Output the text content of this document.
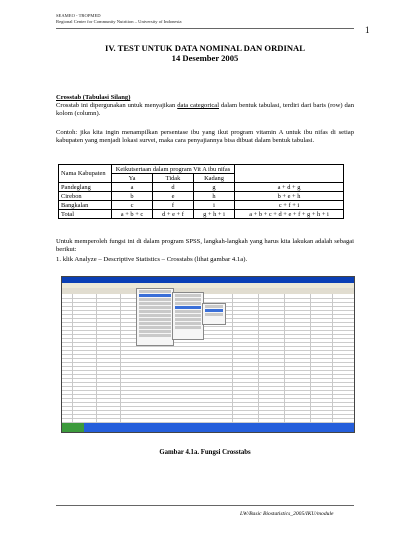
SEAMEO - TROPMED
Regional Center for Community Nutrition – University of Indonesia
1
IV. TEST UNTUK DATA NOMINAL DAN ORDINAL
14 Desember 2005
Crosstab (Tabulasi Silang)
Crosstab ini dipergunakan untuk menyajikan data categorical dalam bentuk tabulasi, terdiri dari baris (row) dan kolom (column).
Contoh: jika kita ingin menampilkan persentase ibu yang ikut program vitamin A untuk ibu nifas di setiap kabupaten yang menjadi lokasi survei, maka cara penyajiannya bisa dibuat dalam bentuk tabulasi.
Nama Kabupaten	Keikutsertaan dalam program Vit A ibu nifas			
	Ya	Tidak	Kadang	
Pandeglang	a	d	g	a + d + g
Cirebon	b	e	h	b + e + h
Bangkalan	c	f	i	c + f + i
Total	a + b + c	d + e + f	g + h + i	a + b + c + d + e + f + g + h + i
Untuk memperoleh fungsi ini di dalam program SPSS, langkah-langkah yang harus kita lakukan adalah sebagai berikut:
1. klik Analyze – Descriptive Statistics – Crosstabs (lihat gambar 4.1a).
Gambar 4.1a. Fungsi Crosstabs
LW/Basic Biostatistics_2005/IKU/module
